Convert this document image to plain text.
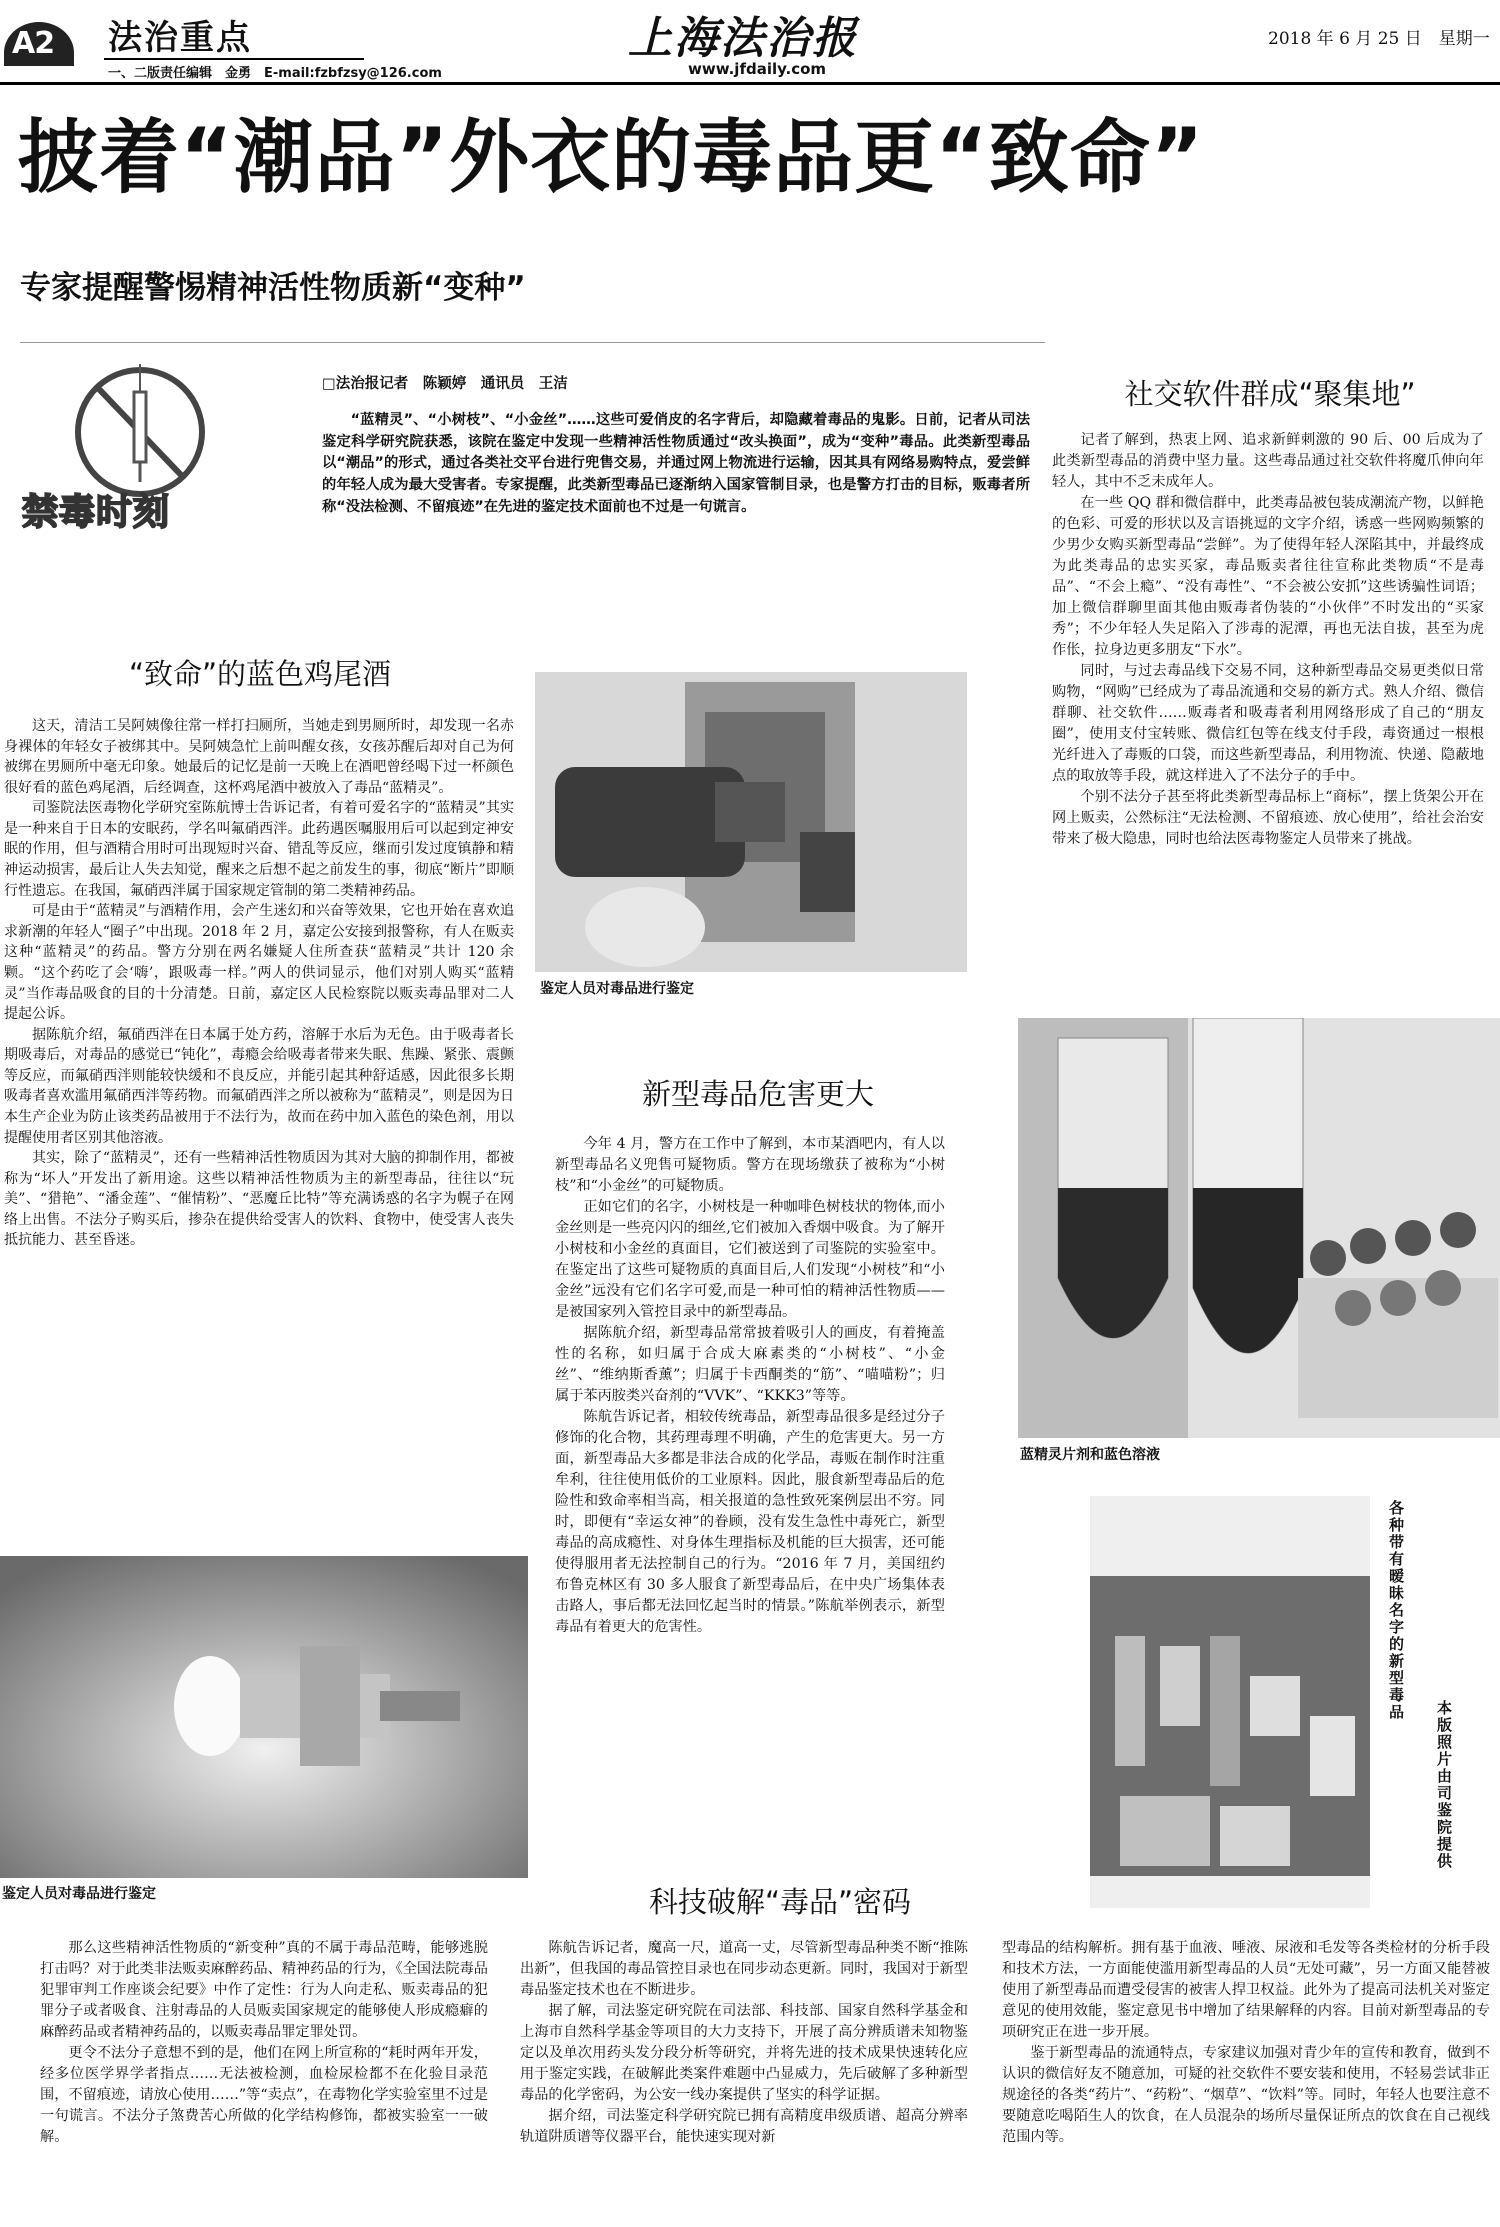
A2 法治重点
一、二版责任编辑　金勇　E-mail:fzbfzsy@126.com
上海法治报
www.jfdaily.com
2018 年 6 月 25 日　星期一
披着“潮品”外衣的毒品更“致命”
专家提醒警惕精神活性物质新“变种”
禁毒时刻
□法治报记者　陈颖婷　通讯员　王洁
“蓝精灵”、“小树枝”、“小金丝”……这些可爱俏皮的名字背后，却隐藏着毒品的鬼影。日前，记者从司法鉴定科学研究院获悉，该院在鉴定中发现一些精神活性物质通过“改头换面”，成为“变种”毒品。此类新型毒品以“潮品”的形式，通过各类社交平台进行兜售交易，并通过网上物流进行运输，因其具有网络易购特点，爱尝鲜的年轻人成为最大受害者。专家提醒，此类新型毒品已逐渐纳入国家管制目录，也是警方打击的目标，贩毒者所称“没法检测、不留痕迹”在先进的鉴定技术面前也不过是一句谎言。
社交软件群成“聚集地”

记者了解到，热衷上网、追求新鲜刺激的 90 后、00 后成为了此类新型毒品的消费中坚力量。这些毒品通过社交软件将魔爪伸向年轻人，其中不乏未成年人。

在一些 QQ 群和微信群中，此类毒品被包装成潮流产物，以鲜艳的色彩、可爱的形状以及言语挑逗的文字介绍，诱惑一些网购频繁的少男少女购买新型毒品“尝鲜”。为了使得年轻人深陷其中，并最终成为此类毒品的忠实买家，毒品贩卖者往往宣称此类物质“不是毒品”、“不会上瘾”、“没有毒性”、“不会被公安抓”这些诱骗性词语；加上微信群聊里面其他由贩毒者伪装的“小伙伴”不时发出的“买家秀”；不少年轻人失足陷入了涉毒的泥潭，再也无法自拔，甚至为虎作伥，拉身边更多朋友“下水”。

同时，与过去毒品线下交易不同，这种新型毒品交易更类似日常购物，“网购”已经成为了毒品流通和交易的新方式。熟人介绍、微信群聊、社交软件……贩毒者和吸毒者利用网络形成了自己的“朋友圈”，使用支付宝转账、微信红包等在线支付手段，毒资通过一根根光纤进入了毒贩的口袋，而这些新型毒品，利用物流、快递、隐蔽地点的取放等手段，就这样进入了不法分子的手中。

个别不法分子甚至将此类新型毒品标上“商标”，摆上货架公开在网上贩卖，公然标注“无法检测、不留痕迹、放心使用”，给社会治安带来了极大隐患，同时也给法医毒物鉴定人员带来了挑战。

“致命”的蓝色鸡尾酒

这天，清洁工吴阿姨像往常一样打扫厕所，当她走到男厕所时，却发现一名赤身裸体的年轻女子被绑其中。吴阿姨急忙上前叫醒女孩，女孩苏醒后却对自己为何被绑在男厕所中毫无印象。她最后的记忆是前一天晚上在酒吧曾经喝下过一杯颜色很好看的蓝色鸡尾酒，后经调查，这杯鸡尾酒中被放入了毒品“蓝精灵”。

司鉴院法医毒物化学研究室陈航博士告诉记者，有着可爱名字的“蓝精灵”其实是一种来自于日本的安眠药，学名叫氟硝西泮。此药遇医嘱服用后可以起到定神安眠的作用，但与酒精合用时可出现短时兴奋、错乱等反应，继而引发过度镇静和精神运动损害，最后让人失去知觉，醒来之后想不起之前发生的事，彻底“断片”即顺行性遗忘。在我国，氟硝西泮属于国家规定管制的第二类精神药品。

可是由于“蓝精灵”与酒精作用，会产生迷幻和兴奋等效果，它也开始在喜欢追求新潮的年轻人“圈子”中出现。2018 年 2 月，嘉定公安接到报警称，有人在贩卖这种“蓝精灵”的药品。警方分别在两名嫌疑人住所查获“蓝精灵”共计 120 余颗。“这个药吃了会‘嗨’，跟吸毒一样。”两人的供词显示，他们对别人购买“蓝精灵”当作毒品吸食的目的十分清楚。日前，嘉定区人民检察院以贩卖毒品罪对二人提起公诉。

据陈航介绍，氟硝西泮在日本属于处方药，溶解于水后为无色。由于吸毒者长期吸毒后，对毒品的感觉已“钝化”，毒瘾会给吸毒者带来失眠、焦躁、紧张、震颤等反应，而氟硝西泮则能较快缓和不良反应，并能引起其种舒适感，因此很多长期吸毒者喜欢滥用氟硝西泮等药物。而氟硝西泮之所以被称为“蓝精灵”，则是因为日本生产企业为防止该类药品被用于不法行为，故而在药中加入蓝色的染色剂，用以提醒使用者区别其他溶液。

其实，除了“蓝精灵”，还有一些精神活性物质因为其对大脑的抑制作用，都被称为“坏人”开发出了新用途。这些以精神活性物质为主的新型毒品，往往以“玩美”、“猎艳”、“潘金莲”、“催情粉”、“恶魔丘比特”等充满诱惑的名字为幌子在网络上出售。不法分子购买后，掺杂在提供给受害人的饮料、食物中，使受害人丧失抵抗能力、甚至昏迷。

鉴定人员对毒品进行鉴定
新型毒品危害更大

今年 4 月，警方在工作中了解到，本市某酒吧内，有人以新型毒品名义兜售可疑物质。警方在现场缴获了被称为“小树枝”和“小金丝”的可疑物质。

正如它们的名字，小树枝是一种咖啡色树枝状的物体,而小金丝则是一些亮闪闪的细丝,它们被加入香烟中吸食。为了解开小树枝和小金丝的真面目，它们被送到了司鉴院的实验室中。在鉴定出了这些可疑物质的真面目后,人们发现“小树枝”和“小金丝”远没有它们名字可爱,而是一种可怕的精神活性物质——是被国家列入管控目录中的新型毒品。

据陈航介绍，新型毒品常常披着吸引人的画皮，有着掩盖性的名称，如归属于合成大麻素类的“小树枝”、“小金丝”、“维纳斯香薰”；归属于卡西酮类的“筋”、“喵喵粉”；归属于苯丙胺类兴奋剂的“VVK”、“KKK3”等等。

陈航告诉记者，相较传统毒品，新型毒品很多是经过分子修饰的化合物，其药理毒理不明确，产生的危害更大。另一方面，新型毒品大多都是非法合成的化学品，毒贩在制作时注重牟利，往往使用低价的工业原料。因此，服食新型毒品后的危险性和致命率相当高，相关报道的急性致死案例层出不穷。同时，即便有“幸运女神”的眷顾，没有发生急性中毒死亡，新型毒品的高成瘾性、对身体生理指标及机能的巨大损害，还可能使得服用者无法控制自己的行为。“2016 年 7 月，美国纽约布鲁克林区有 30 多人服食了新型毒品后，在中央广场集体表击路人，事后都无法回忆起当时的情景。”陈航举例表示，新型毒品有着更大的危害性。

蓝精灵片剂和蓝色溶液
鉴定人员对毒品进行鉴定
各种带有暧昧名字的新型毒品
本版照片由司鉴院提供
科技破解“毒品”密码

那么这些精神活性物质的“新变种”真的不属于毒品范畴，能够逃脱打击吗？对于此类非法贩卖麻醉药品、精神药品的行为，《全国法院毒品犯罪审判工作座谈会纪要》中作了定性：行为人向走私、贩卖毒品的犯罪分子或者吸食、注射毒品的人员贩卖国家规定的能够使人形成瘾癖的麻醉药品或者精神药品的，以贩卖毒品罪定罪处罚。

更令不法分子意想不到的是，他们在网上所宣称的“耗时两年开发，经多位医学界学者指点……无法被检测，血检尿检都不在化验目录范围，不留痕迹，请放心使用……”等“卖点”，在毒物化学实验室里不过是一句谎言。不法分子煞费苦心所做的化学结构修饰，都被实验室一一破解。

陈航告诉记者，魔高一尺，道高一丈，尽管新型毒品种类不断“推陈出新”，但我国的毒品管控目录也在同步动态更新。同时，我国对于新型毒品鉴定技术也在不断进步。

据了解，司法鉴定研究院在司法部、科技部、国家自然科学基金和上海市自然科学基金等项目的大力支持下，开展了高分辨质谱未知物鉴定以及单次用药头发分段分析等研究，并将先进的技术成果快速转化应用于鉴定实践，在破解此类案件难题中凸显威力，先后破解了多种新型毒品的化学密码，为公安一线办案提供了坚实的科学证据。

据介绍，司法鉴定科学研究院已拥有高精度串级质谱、超高分辨率轨道阱质谱等仪器平台，能快速实现对新

型毒品的结构解析。拥有基于血液、唾液、尿液和毛发等各类检材的分析手段和技术方法，一方面能使滥用新型毒品的人员“无处可藏”，另一方面又能替被使用了新型毒品而遭受侵害的被害人捍卫权益。此外为了提高司法机关对鉴定意见的使用效能，鉴定意见书中增加了结果解释的内容。目前对新型毒品的专项研究正在进一步开展。

鉴于新型毒品的流通特点，专家建议加强对青少年的宣传和教育，做到不认识的微信好友不随意加，可疑的社交软件不要安装和使用，不轻易尝试非正规途径的各类“药片”、“药粉”、“烟草”、“饮料”等。同时，年轻人也要注意不要随意吃喝陌生人的饮食，在人员混杂的场所尽量保证所点的饮食在自己视线范围内等。
